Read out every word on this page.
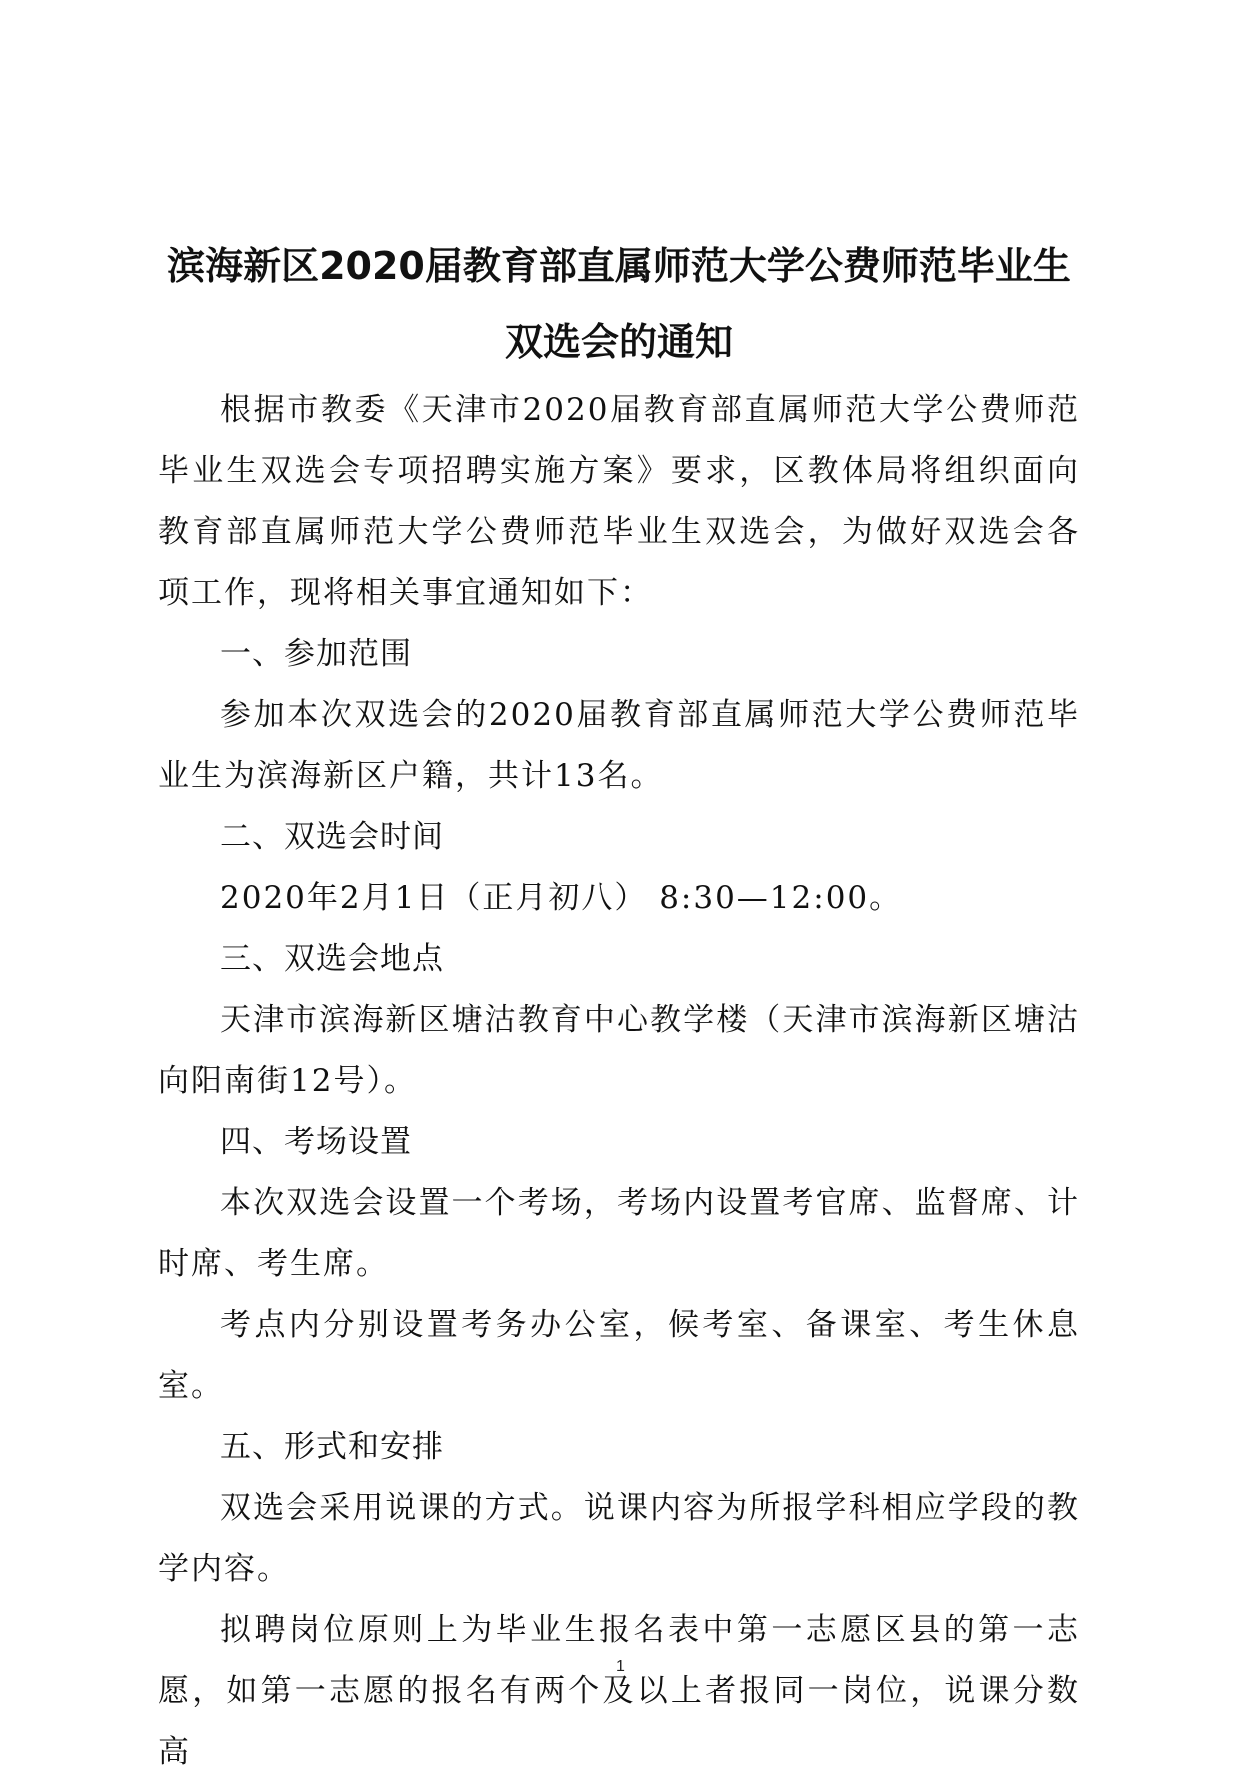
滨海新区2020届教育部直属师范大学公费师范毕业生
双选会的通知

根据市教委《天津市2020届教育部直属师范大学公费师范毕业生双选会专项招聘实施方案》要求，区教体局将组织面向教育部直属师范大学公费师范毕业生双选会，为做好双选会各项工作，现将相关事宜通知如下：

一、参加范围

参加本次双选会的2020届教育部直属师范大学公费师范毕业生为滨海新区户籍，共计13名。

二、双选会时间

2020年2月1日（正月初八） 8:30—12:00。

三、双选会地点

天津市滨海新区塘沽教育中心教学楼（天津市滨海新区塘沽向阳南街12号）。

四、考场设置

本次双选会设置一个考场，考场内设置考官席、监督席、计时席、考生席。

考点内分别设置考务办公室，候考室、备课室、考生休息室。

五、形式和安排

双选会采用说课的方式。说课内容为所报学科相应学段的教学内容。

拟聘岗位原则上为毕业生报名表中第一志愿区县的第一志愿，如第一志愿的报名有两个及以上者报同一岗位，说课分数高

1
